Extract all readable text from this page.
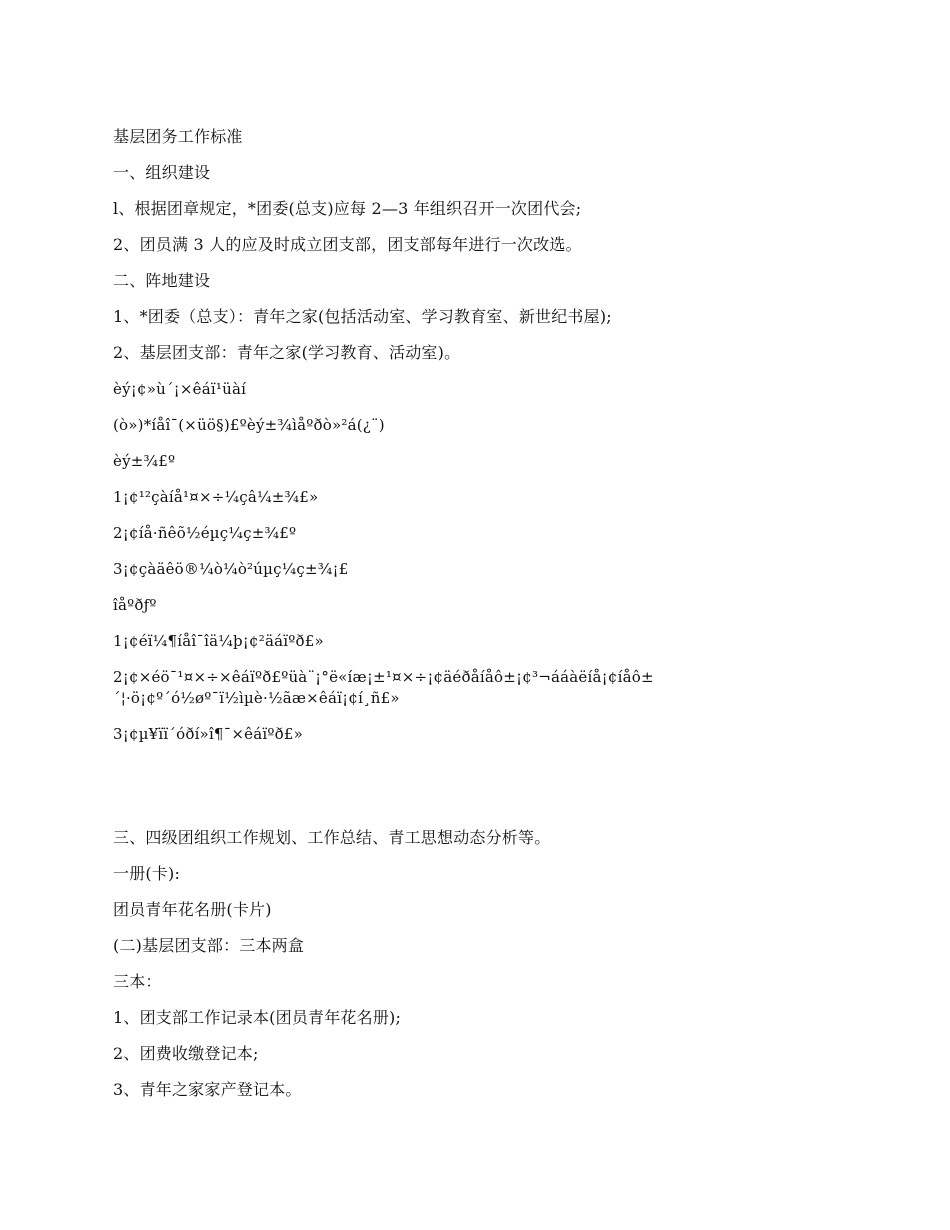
基层团务工作标准
一、组织建设
l、根据团章规定，*团委(总支)应每 2—3 年组织召开一次团代会;
2、团员满 3 人的应及时成立团支部，团支部每年进行一次改选。
二、阵地建设
1、*团委（总支）：青年之家(包括活动室、学习教育室、新世纪书屋);
2、基层团支部：青年之家(学习教育、活动室)。
èý¡¢»ù´¡×êáï¹üàí
(ò»)*íåî¯(×üö§)£ºèý±¾ìåºðò»²á(¿¨)
èý±¾£º
1¡¢¹²çàíå¹¤×÷¼çâ¼±¾£»
2¡¢íå·ñêõ½éµç¼ç±¾£º
3¡¢çàäêö®¼ò¼ò²úµç¼ç±¾¡£
îåºðƒº
1¡¢éï¼¶íåî¯îä¼þ¡¢²äáïºð£»
2¡¢×éö¯¹¤×÷×êáïºð£ºüà¨¡°ë«íæ¡±¹¤×÷¡¢äéðåíåô±¡¢³¬ááàëíå¡¢íåô±
´¦·ö¡¢º´ó½øº¯ï½ìµè·½ãæ×êáï¡¢í¸ñ£»
3¡¢µ¥ïï´óðí»î¶¯×êáïºð£»
三、四级团组织工作规划、工作总结、青工思想动态分析等。
一册(卡):
团员青年花名册(卡片)
(二)基层团支部：三本两盒
三本：
1、团支部工作记录本(团员青年花名册);
2、团费收缴登记本;
3、青年之家家产登记本。
